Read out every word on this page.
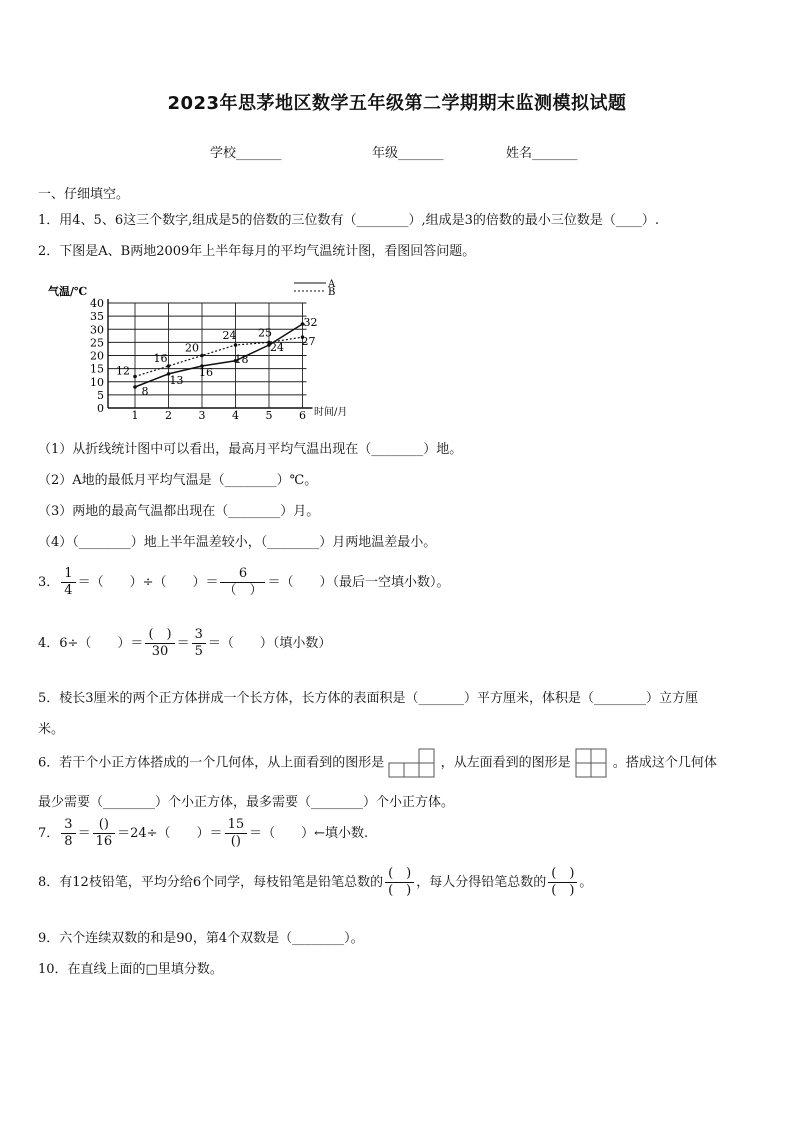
2023年思茅地区数学五年级第二学期期末监测模拟试题
学校_______	年级_______	姓名_______
一、仔细填空。
1．用4、5、6这三个数字,组成是5的倍数的三位数有（________）,组成是3的倍数的最小三位数是（____）.
2．下图是A、B两地2009年上半年每月的平均气温统计图，看图回答问题。
0
5
10
15
20
25
30
35
40
1 2 3 4 5 6
8
13
16
18
24
32
12
16
20
24 25
27
气温/℃
时间/月
A
B
（1）从折线统计图中可以看出，最高月平均气温出现在（________）地。
（2）A地的最低月平均气温是（________）℃。
（3）两地的最高气温都出现在（________）月。
（4）（________）地上半年温差较小，（________）月两地温差最小。
3． $\frac{1}{4}$ ＝（　　）÷（　　）＝ $\frac{6}{( )}$ ＝（　　）（最后一空填小数）。
4．6÷（　　）＝ $\frac{( )}{30} = \frac{3}{5}$ ＝（　　）（填小数）
5．棱长3厘米的两个正方体拼成一个长方体，长方体的表面积是（_______）平方厘米，体积是（________）立方厘
米。
6．若干个小正方体搭成的一个几何体，从上面看到的图形是	，从左面看到的图形是	。搭成这个几何体
最少需要（________）个小正方体，最多需要（________）个小正方体。
7． $\frac{3}{8} = \frac{()}{16} =24\div$（　　）＝ $\frac{15}{()}$ ＝（　　）←填小数.
8．有12枝铅笔，平均分给6个同学，每枝铅笔是铅笔总数的 $\frac{( )}{( )}$ ，每人分得铅笔总数的 $\frac{( )}{( )}$ 。
9．六个连续双数的和是90，第4个双数是（________）。
10．在直线上面的□里填分数。
